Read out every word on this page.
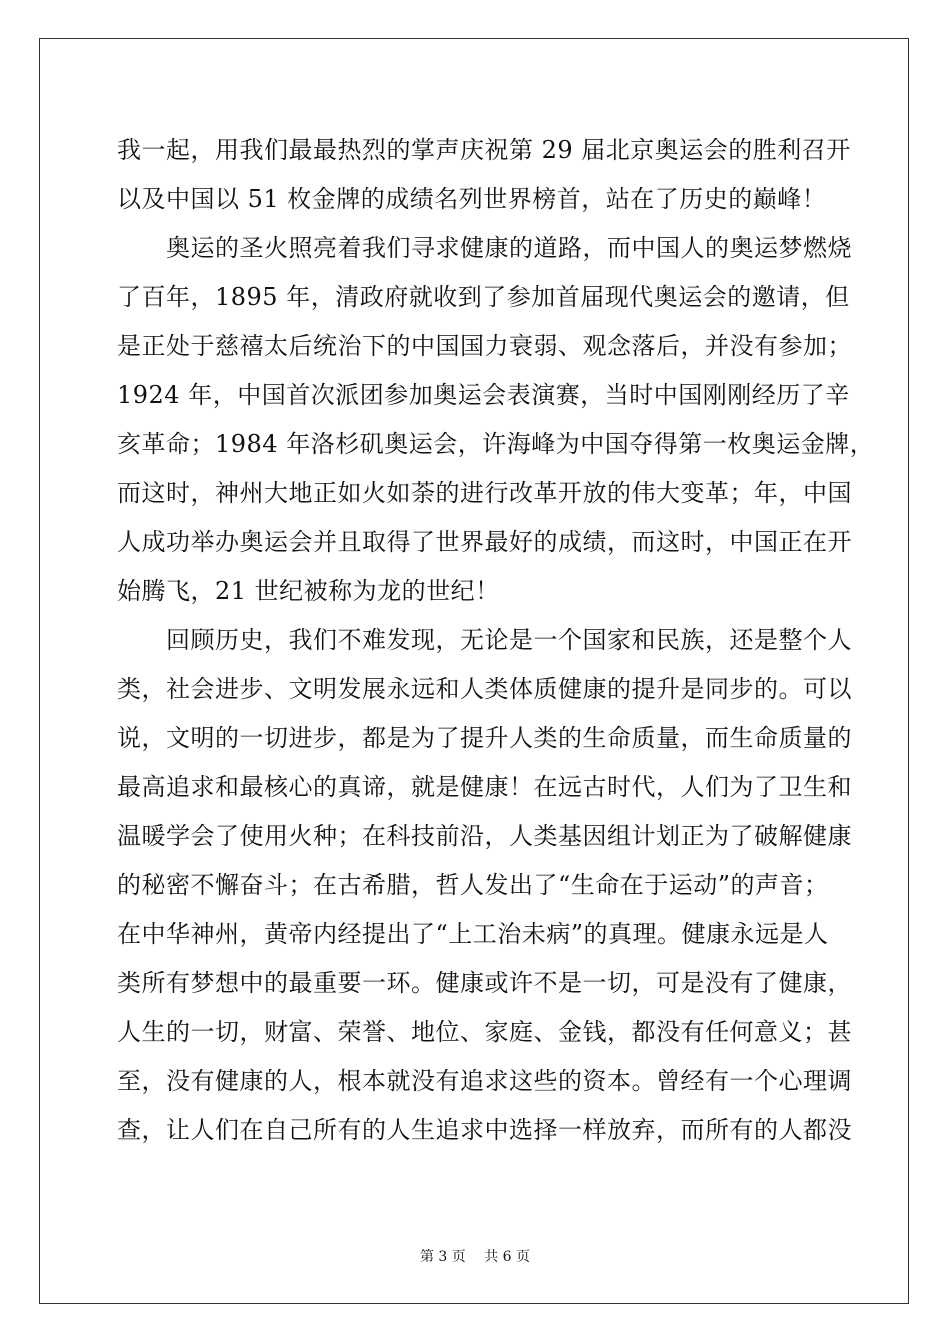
我一起，用我们最最热烈的掌声庆祝第 29 届北京奥运会的胜利召开
以及中国以 51 枚金牌的成绩名列世界榜首，站在了历史的巅峰！
　　奥运的圣火照亮着我们寻求健康的道路，而中国人的奥运梦燃烧
了百年，1895 年，清政府就收到了参加首届现代奥运会的邀请，但
是正处于慈禧太后统治下的中国国力衰弱、观念落后，并没有参加；
1924 年，中国首次派团参加奥运会表演赛，当时中国刚刚经历了辛
亥革命；1984 年洛杉矶奥运会，许海峰为中国夺得第一枚奥运金牌，
而这时，神州大地正如火如荼的进行改革开放的伟大变革；年，中国
人成功举办奥运会并且取得了世界最好的成绩，而这时，中国正在开
始腾飞，21 世纪被称为龙的世纪！
　　回顾历史，我们不难发现，无论是一个国家和民族，还是整个人
类，社会进步、文明发展永远和人类体质健康的提升是同步的。可以
说，文明的一切进步，都是为了提升人类的生命质量，而生命质量的
最高追求和最核心的真谛，就是健康！在远古时代，人们为了卫生和
温暖学会了使用火种；在科技前沿，人类基因组计划正为了破解健康
的秘密不懈奋斗；在古希腊，哲人发出了“生命在于运动”的声音；
在中华神州，黄帝内经提出了“上工治未病”的真理。健康永远是人
类所有梦想中的最重要一环。健康或许不是一切，可是没有了健康，
人生的一切，财富、荣誉、地位、家庭、金钱，都没有任何意义；甚
至，没有健康的人，根本就没有追求这些的资本。曾经有一个心理调
查，让人们在自己所有的人生追求中选择一样放弃，而所有的人都没
第 3 页　 共 6 页
